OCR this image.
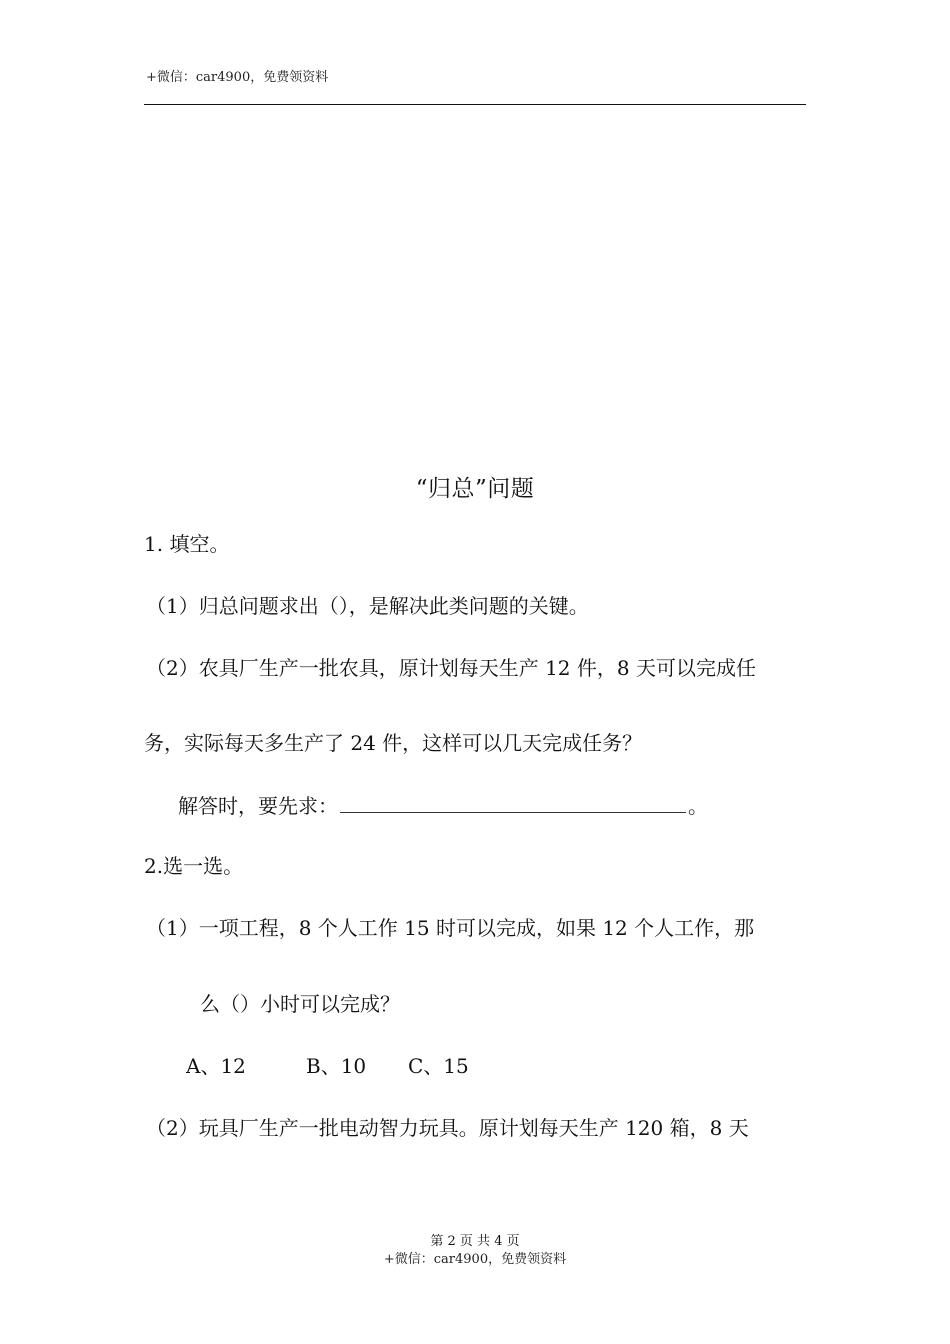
+微信：car4900，免费领资料
“归总”问题
1. 填空。
（1）归总问题求出（），是解决此类问题的关键。
（2）农具厂生产一批农具，原计划每天生产 12 件，8 天可以完成任
务，实际每天多生产了 24 件，这样可以几天完成任务？
解答时，要先求：	。
2.选一选。
（1）一项工程，8 个人工作 15 时可以完成，如果 12 个人工作，那
么（）小时可以完成？
A、12	B、10 C、15
（2）玩具厂生产一批电动智力玩具。原计划每天生产 120 箱，8 天
第 2 页 共 4 页
+微信：car4900，免费领资料
